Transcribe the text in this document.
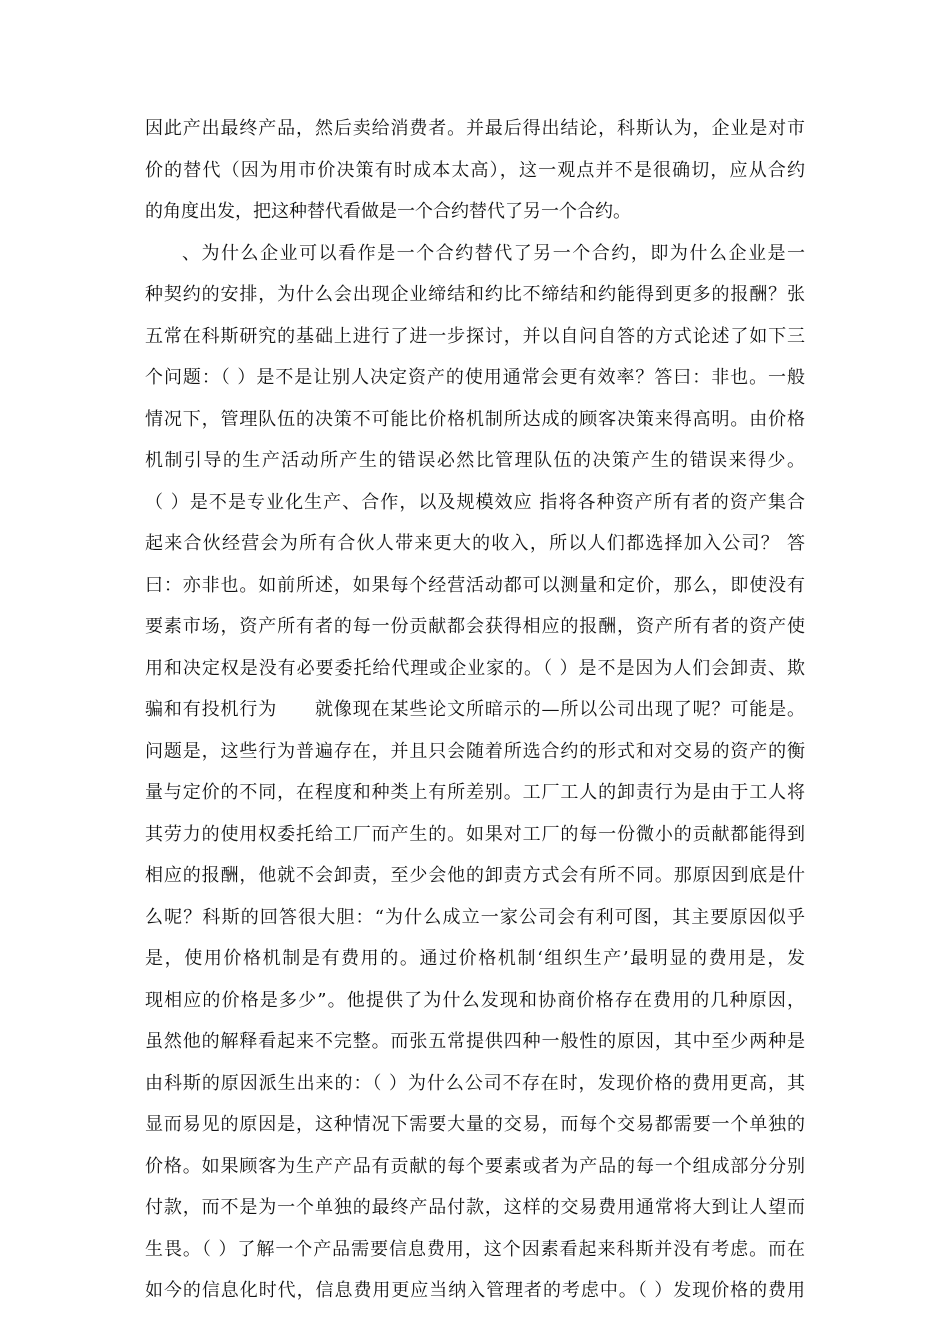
因此产出最终产品，然后卖给消费者。并最后得出结论，科斯认为，企业是对市
价的替代（因为用市价决策有时成本太高），这一观点并不是很确切，应从合约
的角度出发，把这种替代看做是一个合约替代了另一个合约。
、为什么企业可以看作是一个合约替代了另一个合约，即为什么企业是一
种契约的安排，为什么会出现企业缔结和约比不缔结和约能得到更多的报酬？张
五常在科斯研究的基础上进行了进一步探讨，并以自问自答的方式论述了如下三
个问题：（ ）是不是让别人决定资产的使用通常会更有效率？答曰：非也。一般
情况下，管理队伍的决策不可能比价格机制所达成的顾客决策来得高明。由价格
机制引导的生产活动所产生的错误必然比管理队伍的决策产生的错误来得少。
（ ）是不是专业化生产、合作，以及规模效应 指将各种资产所有者的资产集合
起来合伙经营会为所有合伙人带来更大的收入，所以人们都选择加入公司？ 答
曰：亦非也。如前所述，如果每个经营活动都可以测量和定价，那么，即使没有
要素市场，资产所有者的每一份贡献都会获得相应的报酬，资产所有者的资产使
用和决定权是没有必要委托给代理或企业家的。（ ）是不是因为人们会卸责、欺
骗和有投机行为　　就像现在某些论文所暗示的—所以公司出现了呢？可能是。
问题是，这些行为普遍存在，并且只会随着所选合约的形式和对交易的资产的衡
量与定价的不同，在程度和种类上有所差别。工厂工人的卸责行为是由于工人将
其劳力的使用权委托给工厂而产生的。如果对工厂的每一份微小的贡献都能得到
相应的报酬，他就不会卸责，至少会他的卸责方式会有所不同。那原因到底是什
么呢？科斯的回答很大胆：“为什么成立一家公司会有利可图，其主要原因似乎
是，使用价格机制是有费用的。通过价格机制‘组织生产’最明显的费用是，发
现相应的价格是多少”。他提供了为什么发现和协商价格存在费用的几种原因，
虽然他的解释看起来不完整。而张五常提供四种一般性的原因，其中至少两种是
由科斯的原因派生出来的：（ ）为什么公司不存在时，发现价格的费用更高，其
显而易见的原因是，这种情况下需要大量的交易，而每个交易都需要一个单独的
价格。如果顾客为生产产品有贡献的每个要素或者为产品的每一个组成部分分别
付款，而不是为一个单独的最终产品付款，这样的交易费用通常将大到让人望而
生畏。（ ）了解一个产品需要信息费用，这个因素看起来科斯并没有考虑。而在
如今的信息化时代，信息费用更应当纳入管理者的考虑中。（ ）发现价格的费用
